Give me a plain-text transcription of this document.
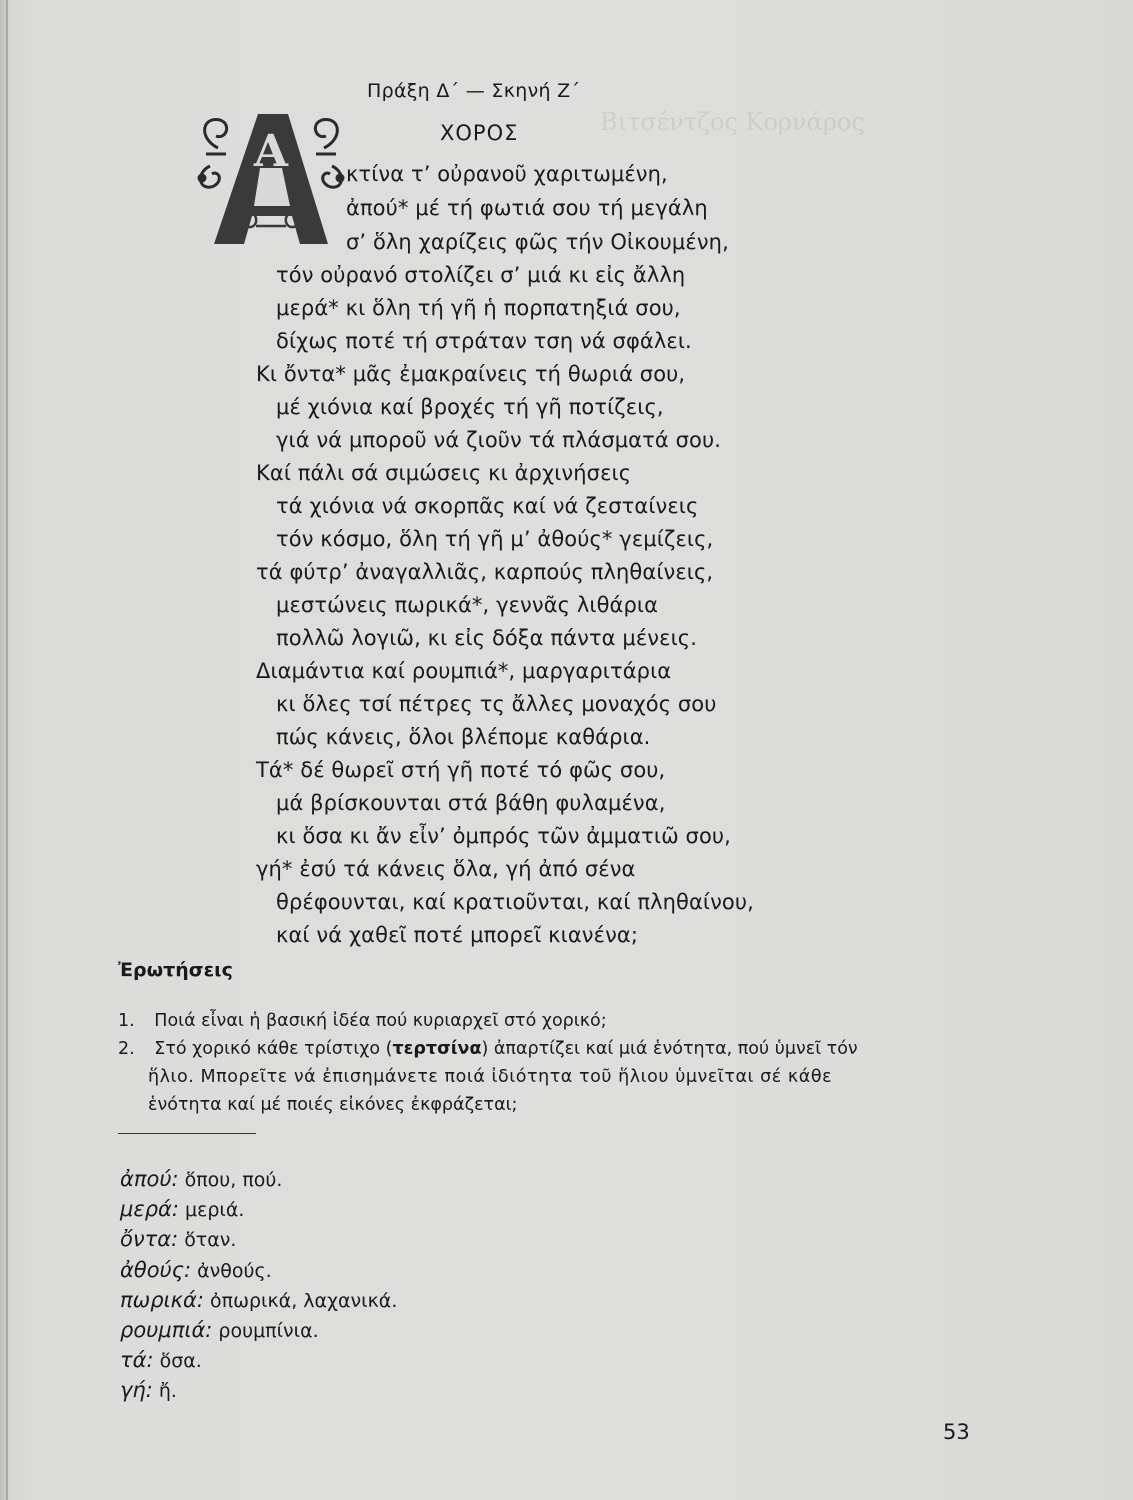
Βιτσέντζος Κορνάρος
Πράξη Δ΄ — Σκηνή Ζ΄
ΧΟΡΟΣ
Α	κτίνα τ’ οὐρανοῦ χαριτωμένη,
ἀπού* μέ τή φωτιά σου τή μεγάλη
σ’ ὅλη χαρίζεις φῶς τήν Οἰκουμένη,
τόν οὐρανό στολίζει σ’ μιά κι εἰς ἄλλη
μερά* κι ὅλη τή γῆ ἡ πορπατηξιά σου,
δίχως ποτέ τή στράταν τση νά σφάλει.
Κι ὄντα* μᾶς ἐμακραίνεις τή θωριά σου,
μέ χιόνια καί βροχές τή γῆ ποτίζεις,
γιά νά μποροῦ νά ζιοῦν τά πλάσματά σου.
Καί πάλι σά σιμώσεις κι ἀρχινήσεις
τά χιόνια νά σκορπᾶς καί νά ζεσταίνεις
τόν κόσμο, ὅλη τή γῆ μ’ ἀθούς* γεμίζεις,
τά φύτρ’ ἀναγαλλιᾶς, καρπούς πληθαίνεις,
μεστώνεις πωρικά*, γεννᾶς λιθάρια
πολλῶ λογιῶ, κι εἰς δόξα πάντα μένεις.
Διαμάντια καί ρουμπιά*, μαργαριτάρια
κι ὅλες τσί πέτρες τς ἄλλες μοναχός σου
πώς κάνεις, ὅλοι βλέπομε καθάρια.
Τά* δέ θωρεῖ στή γῆ ποτέ τό φῶς σου,
μά βρίσκουνται στά βάθη φυλαμένα,
κι ὅσα κι ἄν εἶν’ ὀμπρός τῶν ἀμματιῶ σου,
γή* ἐσύ τά κάνεις ὅλα, γή ἀπό σένα
θρέφουνται, καί κρατιοῦνται, καί πληθαίνου,
καί νά χαθεῖ ποτέ μπορεῖ κιανένα;
Ἐρωτήσεις
1. Ποιά εἶναι ἡ βασική ἰδέα πού κυριαρχεῖ στό χορικό;
2. Στό χορικό κάθε τρίστιχο (τερτσίνα) ἀπαρτίζει καί μιά ἑνότητα, πού ὑμνεῖ τόν
ἥλιο. Μπορεῖτε νά ἐπισημάνετε ποιά ἰδιότητα τοῦ ἥλιου ὑμνεῖται σέ κάθε
ἑνότητα καί μέ ποιές εἰκόνες ἐκφράζεται;
ἀπού: ὅπου, πού.
μερά: μεριά.
ὄντα: ὅταν.
ἀθούς: ἀνθούς.
πωρικά: ὀπωρικά, λαχανικά.
ρουμπιά: ρουμπίνια.
τά: ὅσα.
γή: ἤ.
53
